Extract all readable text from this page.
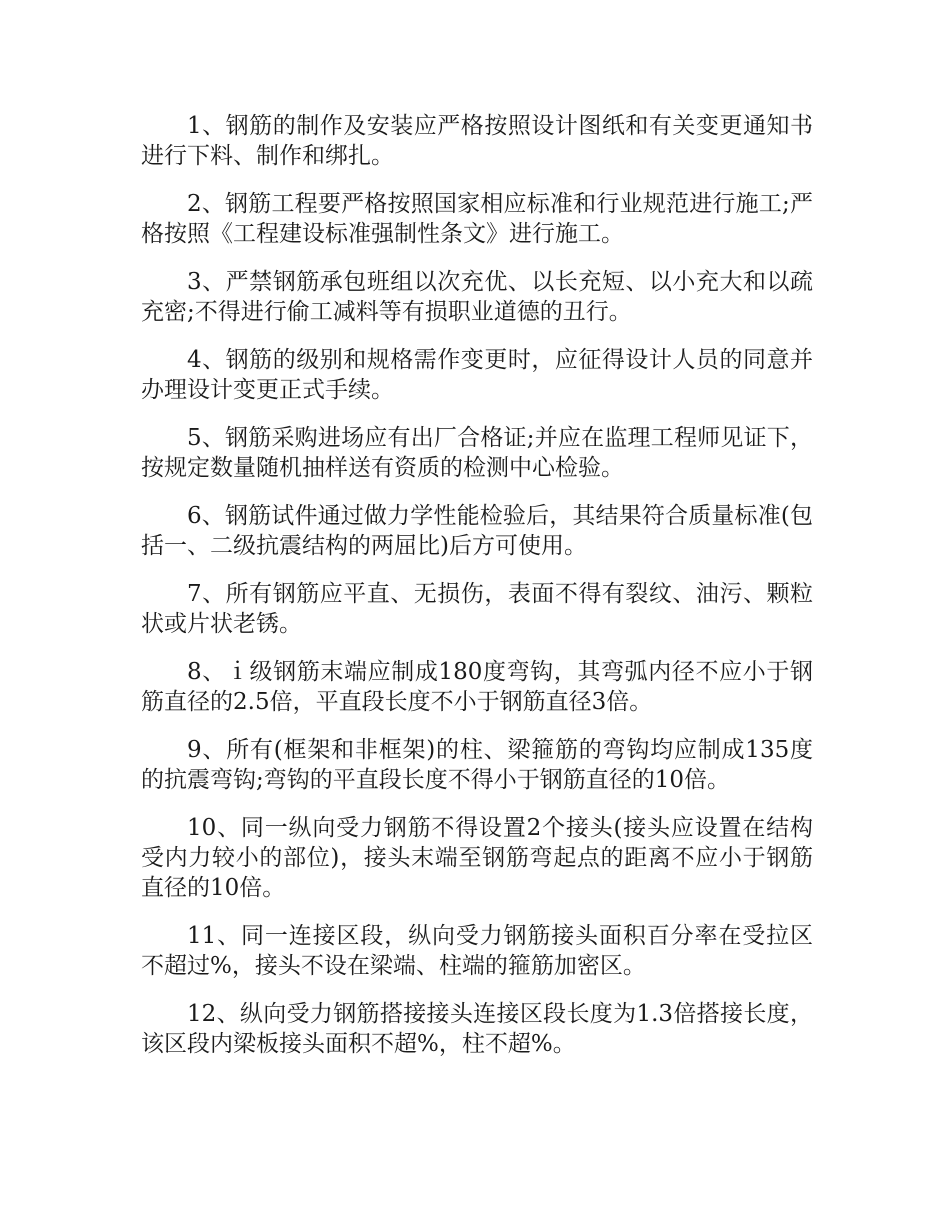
1、钢筋的制作及安装应严格按照设计图纸和有关变更通知书进行下料、制作和绑扎。

2、钢筋工程要严格按照国家相应标准和行业规范进行施工;严格按照《工程建设标准强制性条文》进行施工。

3、严禁钢筋承包班组以次充优、以长充短、以小充大和以疏充密;不得进行偷工减料等有损职业道德的丑行。

4、钢筋的级别和规格需作变更时，应征得设计人员的同意并办理设计变更正式手续。

5、钢筋采购进场应有出厂合格证;并应在监理工程师见证下，按规定数量随机抽样送有资质的检测中心检验。

6、钢筋试件通过做力学性能检验后，其结果符合质量标准(包括一、二级抗震结构的两屈比)后方可使用。

7、所有钢筋应平直、无损伤，表面不得有裂纹、油污、颗粒状或片状老锈。

8、ｉ级钢筋末端应制成180度弯钩，其弯弧内径不应小于钢筋直径的2.5倍，平直段长度不小于钢筋直径3倍。

9、所有(框架和非框架)的柱、梁箍筋的弯钩均应制成135度的抗震弯钩;弯钩的平直段长度不得小于钢筋直径的10倍。

10、同一纵向受力钢筋不得设置2个接头(接头应设置在结构受内力较小的部位)，接头末端至钢筋弯起点的距离不应小于钢筋直径的10倍。

11、同一连接区段，纵向受力钢筋接头面积百分率在受拉区不超过%，接头不设在梁端、柱端的箍筋加密区。

12、纵向受力钢筋搭接接头连接区段长度为1.3倍搭接长度，该区段内梁板接头面积不超%，柱不超%。
